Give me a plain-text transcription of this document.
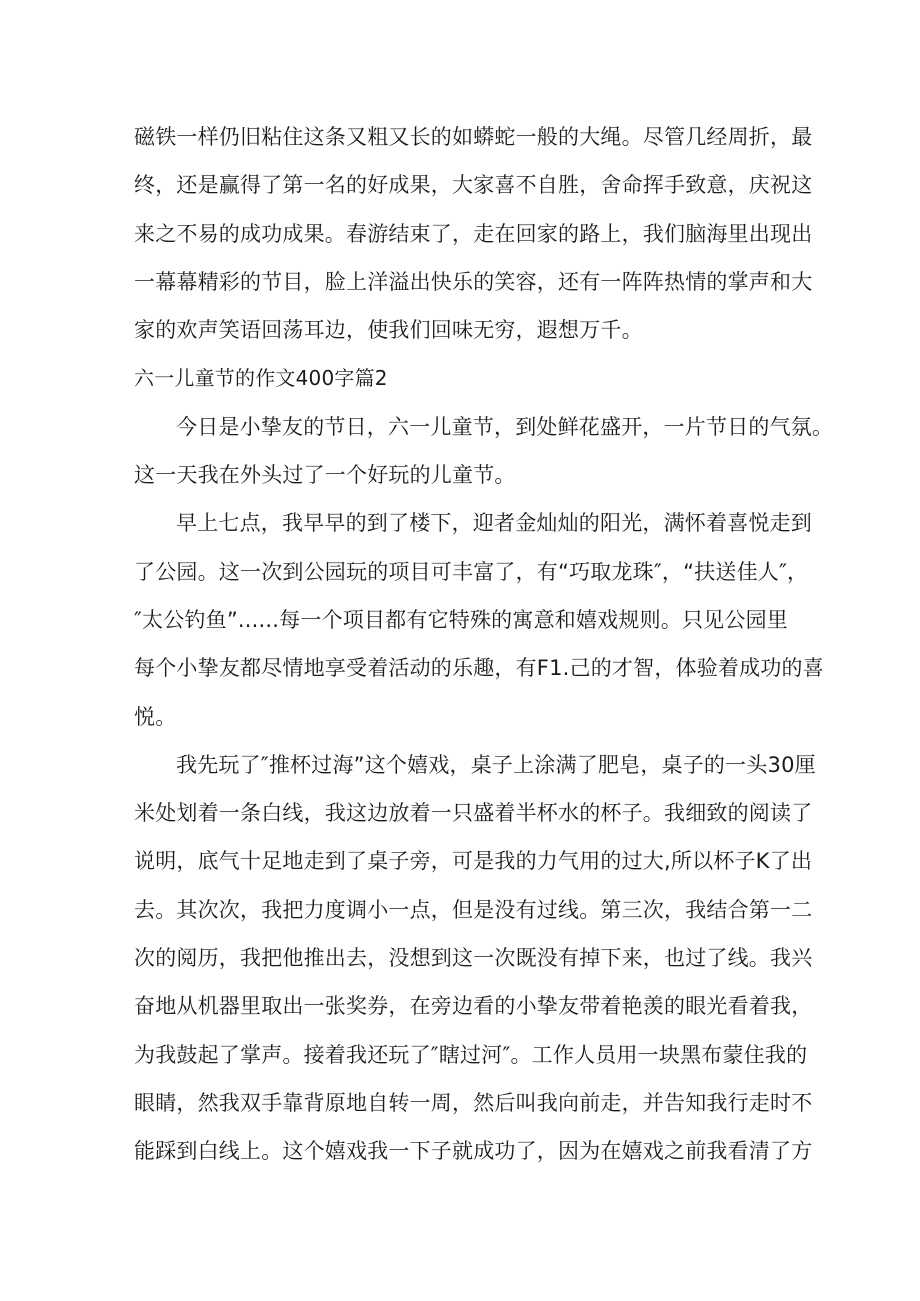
磁铁一样仍旧粘住这条又粗又长的如蟒蛇一般的大绳。尽管几经周折，最
终，还是赢得了第一名的好成果，大家喜不自胜，舍命挥手致意，庆祝这
来之不易的成功成果。春游结束了，走在回家的路上，我们脑海里出现出
一幕幕精彩的节目，脸上洋溢出快乐的笑容，还有一阵阵热情的掌声和大
家的欢声笑语回荡耳边，使我们回味无穷，遐想万千。
六一儿童节的作文400字篇2
今日是小挚友的节日，六一儿童节，到处鲜花盛开，一片节日的气氛。
这一天我在外头过了一个好玩的儿童节。
早上七点，我早早的到了楼下，迎者金灿灿的阳光，满怀着喜悦走到
了公园。这一次到公园玩的项目可丰富了，有“巧取龙珠″，“扶送佳人″，
″太公钓鱼”......每一个项目都有它特殊的寓意和嬉戏规则。只见公园里
每个小挚友都尽情地享受着活动的乐趣，有F1.己的才智，体验着成功的喜
悦。
我先玩了″推杯过海”这个嬉戏，桌子上涂满了肥皂，桌子的一头30厘
米处划着一条白线，我这边放着一只盛着半杯水的杯子。我细致的阅读了
说明，底气十足地走到了桌子旁，可是我的力气用的过大,所以杯子K了出
去。其次次，我把力度调小一点，但是没有过线。第三次，我结合第一二
次的阅历，我把他推出去，没想到这一次既没有掉下来，也过了线。我兴
奋地从机器里取出一张奖券，在旁边看的小挚友带着艳羡的眼光看着我，
为我鼓起了掌声。接着我还玩了″瞎过河″。工作人员用一块黑布蒙住我的
眼睛，然我双手靠背原地自转一周，然后叫我向前走，并告知我行走时不
能踩到白线上。这个嬉戏我一下子就成功了，因为在嬉戏之前我看清了方
